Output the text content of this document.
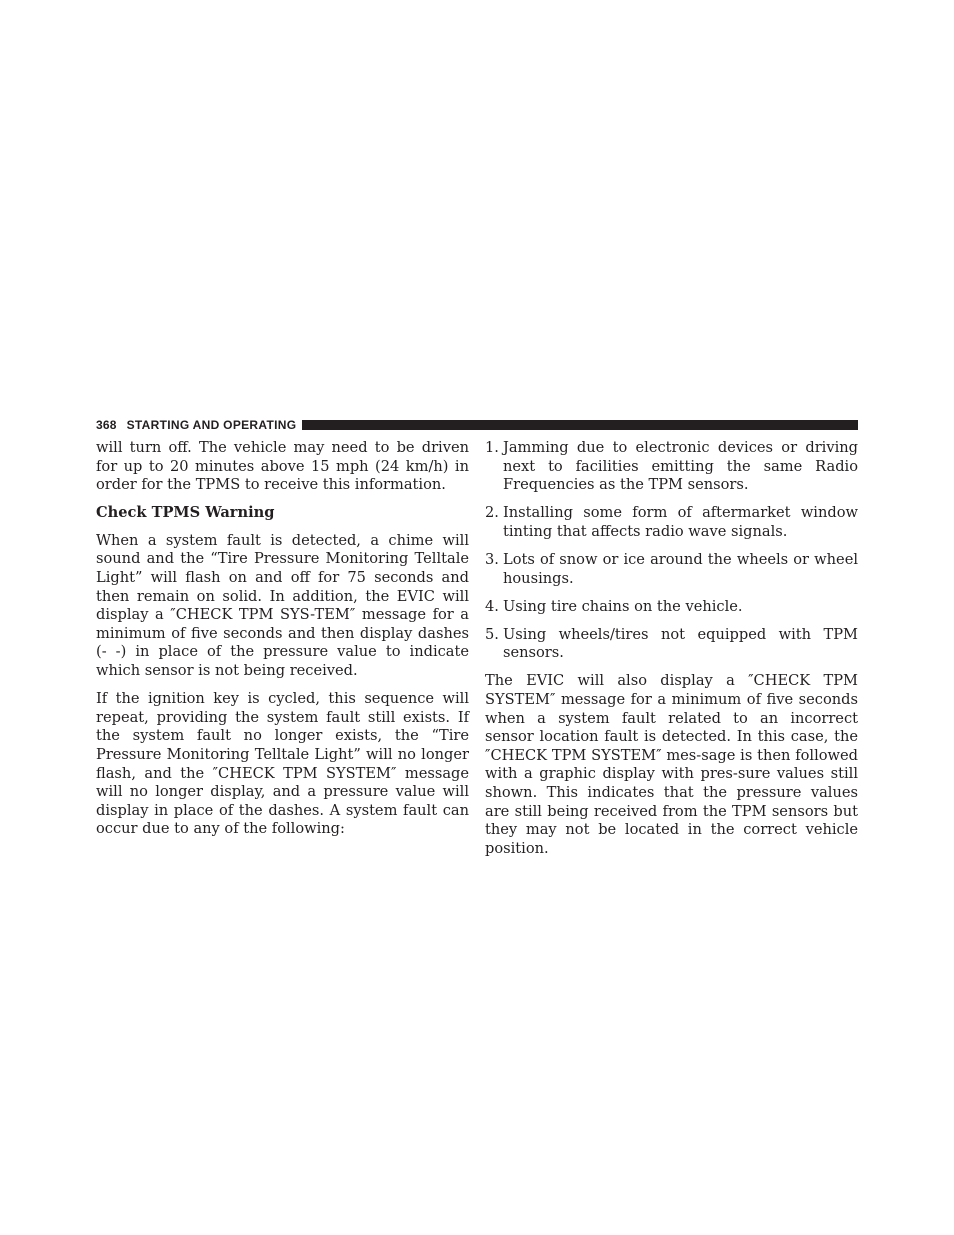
368 STARTING AND OPERATING

will turn off. The vehicle may need to be driven for up to 20 minutes above 15 mph (24 km/h) in order for the TPMS to receive this information.

Check TPMS Warning

When a system fault is detected, a chime will sound and the “Tire Pressure Monitoring Telltale Light” will flash on and off for 75 seconds and then remain on solid. In addition, the EVIC will display a ″CHECK TPM SYS-TEM″ message for a minimum of five seconds and then display dashes (- -) in place of the pressure value to indicate which sensor is not being received.

If the ignition key is cycled, this sequence will repeat, providing the system fault still exists. If the system fault no longer exists, the “Tire Pressure Monitoring Telltale Light” will no longer flash, and the ″CHECK TPM SYSTEM″ message will no longer display, and a pressure value will display in place of the dashes. A system fault can occur due to any of the following:

1. Jamming due to electronic devices or driving next to facilities emitting the same Radio Frequencies as the TPM sensors.
2. Installing some form of aftermarket window tinting that affects radio wave signals.
3. Lots of snow or ice around the wheels or wheel housings.
4. Using tire chains on the vehicle.
5. Using wheels/tires not equipped with TPM sensors.

The EVIC will also display a ″CHECK TPM SYSTEM″ message for a minimum of five seconds when a system fault related to an incorrect sensor location fault is detected. In this case, the ″CHECK TPM SYSTEM″ mes-sage is then followed with a graphic display with pres-sure values still shown. This indicates that the pressure values are still being received from the TPM sensors but they may not be located in the correct vehicle position.
